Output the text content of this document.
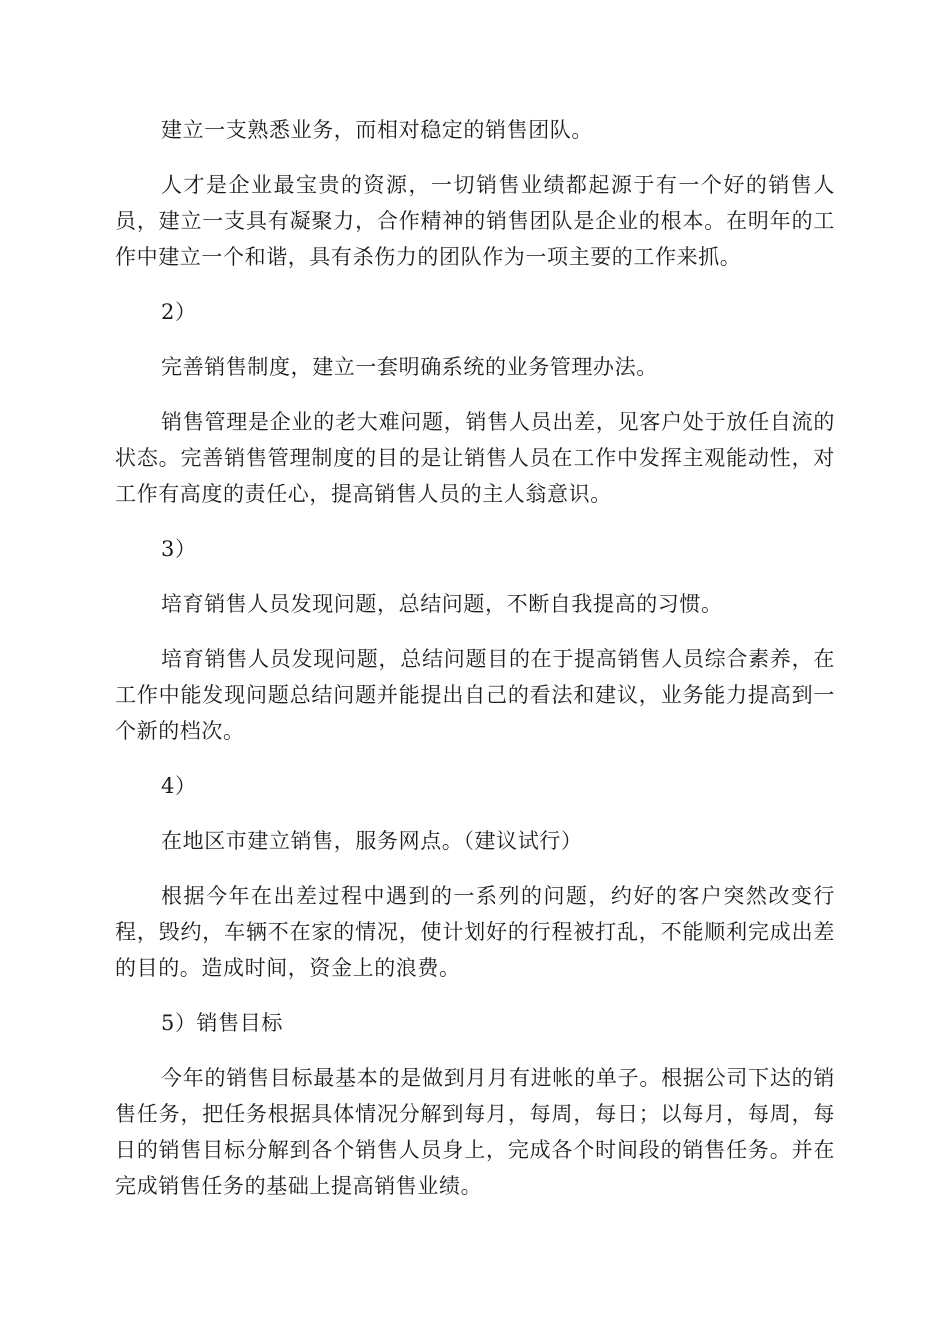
建立一支熟悉业务，而相对稳定的销售团队。

人才是企业最宝贵的资源，一切销售业绩都起源于有一个好的销售人员，建立一支具有凝聚力，合作精神的销售团队是企业的根本。在明年的工作中建立一个和谐，具有杀伤力的团队作为一项主要的工作来抓。

2）

完善销售制度，建立一套明确系统的业务管理办法。

销售管理是企业的老大难问题，销售人员出差，见客户处于放任自流的状态。完善销售管理制度的目的是让销售人员在工作中发挥主观能动性，对工作有高度的责任心，提高销售人员的主人翁意识。

3）

培育销售人员发现问题，总结问题，不断自我提高的习惯。

培育销售人员发现问题，总结问题目的在于提高销售人员综合素养，在工作中能发现问题总结问题并能提出自己的看法和建议，业务能力提高到一个新的档次。

4）

在地区市建立销售，服务网点。（建议试行）

根据今年在出差过程中遇到的一系列的问题，约好的客户突然改变行程，毁约，车辆不在家的情况，使计划好的行程被打乱，不能顺利完成出差的目的。造成时间，资金上的浪费。

5）销售目标

今年的销售目标最基本的是做到月月有进帐的单子。根据公司下达的销售任务，把任务根据具体情况分解到每月，每周，每日；以每月，每周，每日的销售目标分解到各个销售人员身上，完成各个时间段的销售任务。并在完成销售任务的基础上提高销售业绩。
